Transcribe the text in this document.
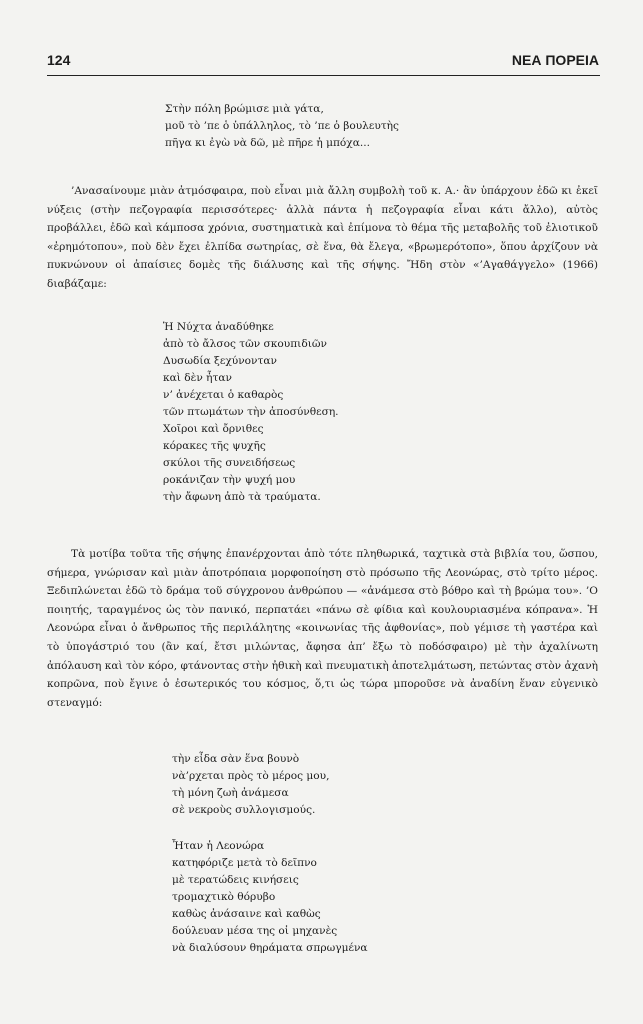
124	ΝΕΑ ΠΟΡΕΙΑ
Στὴν πόλη βρώμισε μιὰ γάτα,
μοῦ τὸ ’πε ὁ ὑπάλληλος, τὸ ’πε ὁ βουλευτὴς
πῆγα κι ἐγὼ νὰ δῶ, μὲ πῆρε ἡ μπόχα...

’Ανασαίνουμε μιὰν ἀτμόσφαιρα, ποὺ εἶναι μιὰ ἄλλη συμβολὴ τοῦ κ. Α.· ἂν ὑπάρχουν ἐδῶ κι ἐκεῖ νύξεις (στὴν πεζογραφία περισσότερες· ἀλλὰ πάντα ἡ πεζογραφία εἶναι κάτι ἄλλο), αὐτὸς προβάλλει, ἐδῶ καὶ κάμποσα χρόνια, συστηματικὰ καὶ ἐπίμονα τὸ θέμα τῆς μεταβολῆς τοῦ ἐλιοτικοῦ «ἐρημότοπου», ποὺ δὲν ἔχει ἐλπίδα σωτηρίας, σὲ ἕνα, θὰ ἔλεγα, «βρωμερότοπο», ὅπου ἀρχίζουν νὰ πυκνώνουν οἱ ἀπαίσιες δομὲς τῆς διάλυσης καὶ τῆς σήψης. Ἤδη στὸν «’Αγαθάγγελο» (1966) διαβάζαμε:

Ἡ Νύχτα ἀναδύθηκε
ἀπὸ τὸ ἄλσος τῶν σκουπιδιῶν
Δυσωδία ξεχύνονταν
καὶ δὲν ἦταν
ν’ ἀνέχεται ὁ καθαρὸς
τῶν πτωμάτων τὴν ἀποσύνθεση.
Χοῖροι καὶ ὄρνιθες
κόρακες τῆς ψυχῆς
σκύλοι τῆς συνειδήσεως
ροκάνιζαν τὴν ψυχή μου
τὴν ἄφωνη ἀπὸ τὰ τραύματα.

Τὰ μοτίβα τοῦτα τῆς σήψης ἐπανέρχονται ἀπὸ τότε πληθωρικά, ταχτικὰ στὰ βιβλία του, ὥσπου, σήμερα, γνώρισαν καὶ μιὰν ἀποτρόπαια μορφοποίηση στὸ πρόσωπο τῆς Λεονώρας, στὸ τρίτο μέρος. Ξεδιπλώνεται ἐδῶ τὸ δράμα τοῦ σύγχρονου ἀνθρώπου — «ἀνάμεσα στὸ βόθρο καὶ τὴ βρώμα του». ’Ο ποιητής, ταραγμένος ὡς τὸν πανικό, περπατάει «πάνω σὲ φίδια καὶ κουλουριασμένα κόπρανα». Ἡ Λεονώρα εἶναι ὁ ἄνθρωπος τῆς περιλάλητης «κοινωνίας τῆς ἀφθονίας», ποὺ γέμισε τὴ γαστέρα καὶ τὸ ὑπογάστριό του (ἂν καί, ἔτσι μιλώντας, ἄφησα ἀπ’ ἔξω τὸ ποδόσφαιρο) μὲ τὴν ἀχαλίνωτη ἀπόλαυση καὶ τὸν κόρο, φτάνοντας στὴν ἠθικὴ καὶ πνευματικὴ ἀποτελμάτωση, πετώντας στὸν ἀχανὴ κοπρῶνα, ποὺ ἔγινε ὁ ἐσωτερικός του κόσμος, ὅ,τι ὡς τώρα μποροῦσε νὰ ἀναδίνη ἕναν εὐγενικὸ στεναγμό:

τὴν εἶδα σὰν ἕνα βουνὸ
νὰ’ρχεται πρὸς τὸ μέρος μου,
τὴ μόνη ζωὴ ἀνάμεσα
σὲ νεκροὺς συλλογισμούς.
Ἦταν ἡ Λεονώρα
κατηφόριζε μετὰ τὸ δεῖπνο
μὲ τερατώδεις κινήσεις
τρομαχτικὸ θόρυβο
καθὼς ἀνάσαινε καὶ καθὼς
δούλευαν μέσα της οἱ μηχανὲς
νὰ διαλύσουν θηράματα σπρωγμένα
